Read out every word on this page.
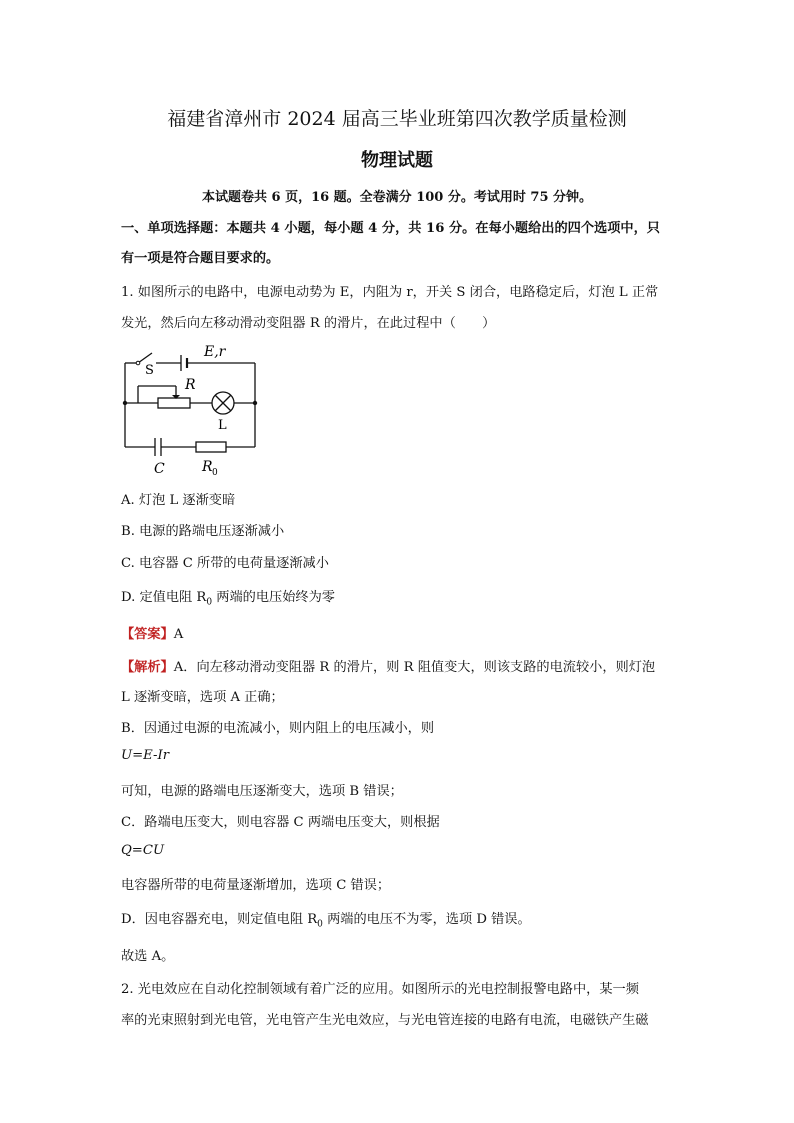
福建省漳州市 2024 届高三毕业班第四次教学质量检测
物理试题
本试题卷共 6 页，16 题。全卷满分 100 分。考试用时 75 分钟。
一、单项选择题：本题共 4 小题，每小题 4 分，共 16 分。在每小题给出的四个选项中，只
有一项是符合题目要求的。
1. 如图所示的电路中，电源电动势为 E，内阻为 r，开关 S 闭合，电路稳定后，灯泡 L 正常
发光，然后向左移动滑动变阻器 R 的滑片，在此过程中（　　）
E,r
S
R
L
C	R 0
A. 灯泡 L 逐渐变暗
B. 电源的路端电压逐渐减小
C. 电容器 C 所带的电荷量逐渐减小
D. 定值电阻 $R_0$ 两端的电压始终为零
【答案】A
【解析】A．向左移动滑动变阻器 R 的滑片，则 R 阻值变大，则该支路的电流较小，则灯泡
L 逐渐变暗，选项 A 正确；
B．因通过电源的电流减小，则内阻上的电压减小，则
U=E-Ir
可知，电源的路端电压逐渐变大，选项 B 错误；
C．路端电压变大，则电容器 C 两端电压变大，则根据
Q=CU
电容器所带的电荷量逐渐增加，选项 C 错误；
D．因电容器充电，则定值电阻 $R_0$ 两端的电压不为零，选项 D 错误。
故选 A。
2. 光电效应在自动化控制领域有着广泛的应用。如图所示的光电控制报警电路中，某一频
率的光束照射到光电管，光电管产生光电效应，与光电管连接的电路有电流，电磁铁产生磁
